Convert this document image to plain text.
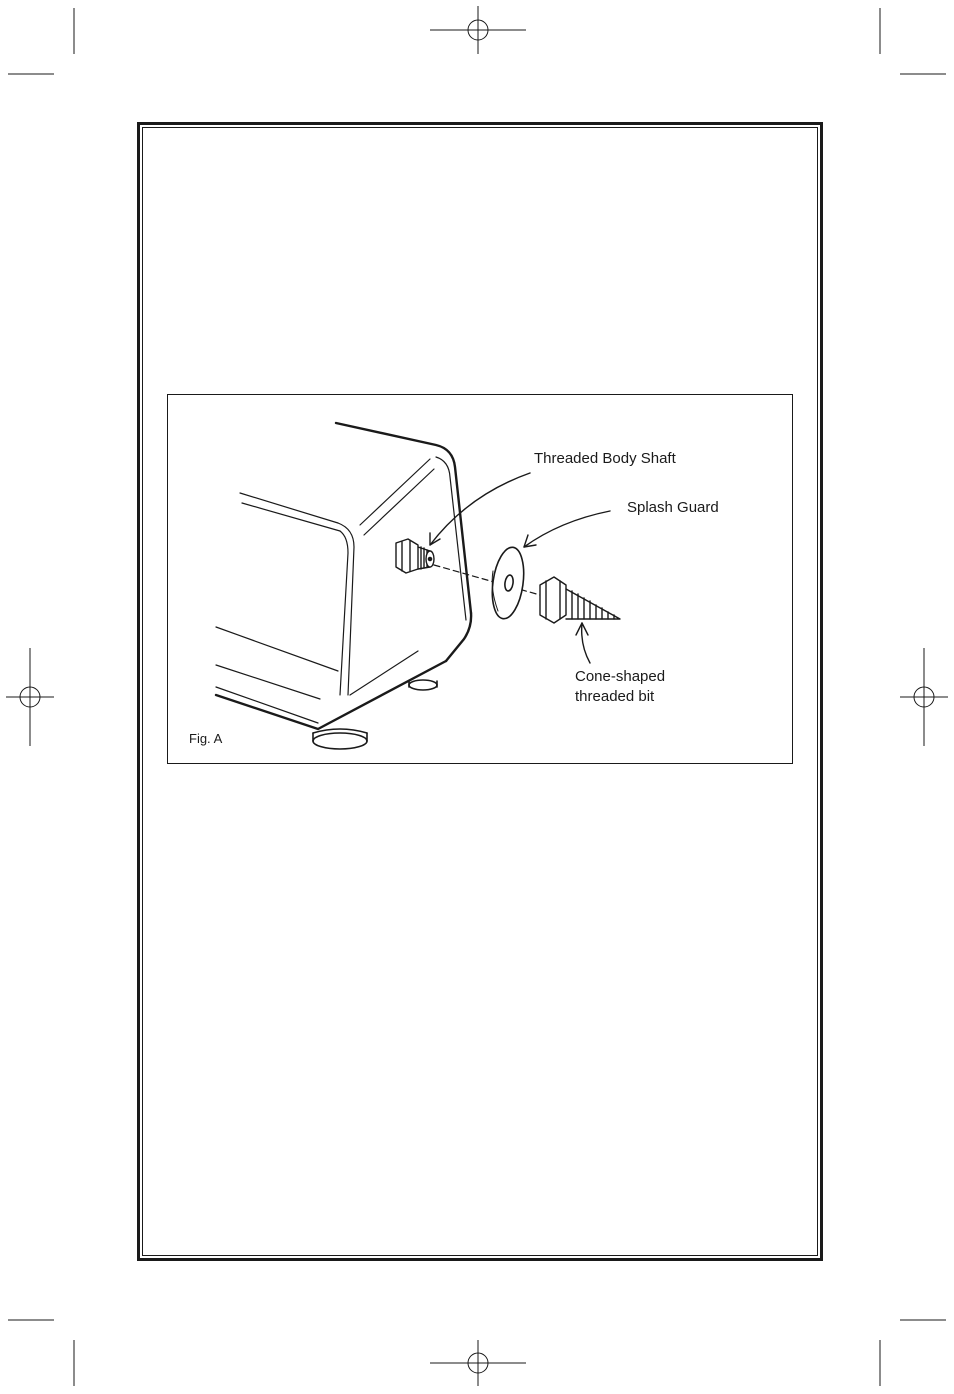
Threaded Body Shaft
Splash Guard
Cone-shaped
threaded bit
Fig. A
